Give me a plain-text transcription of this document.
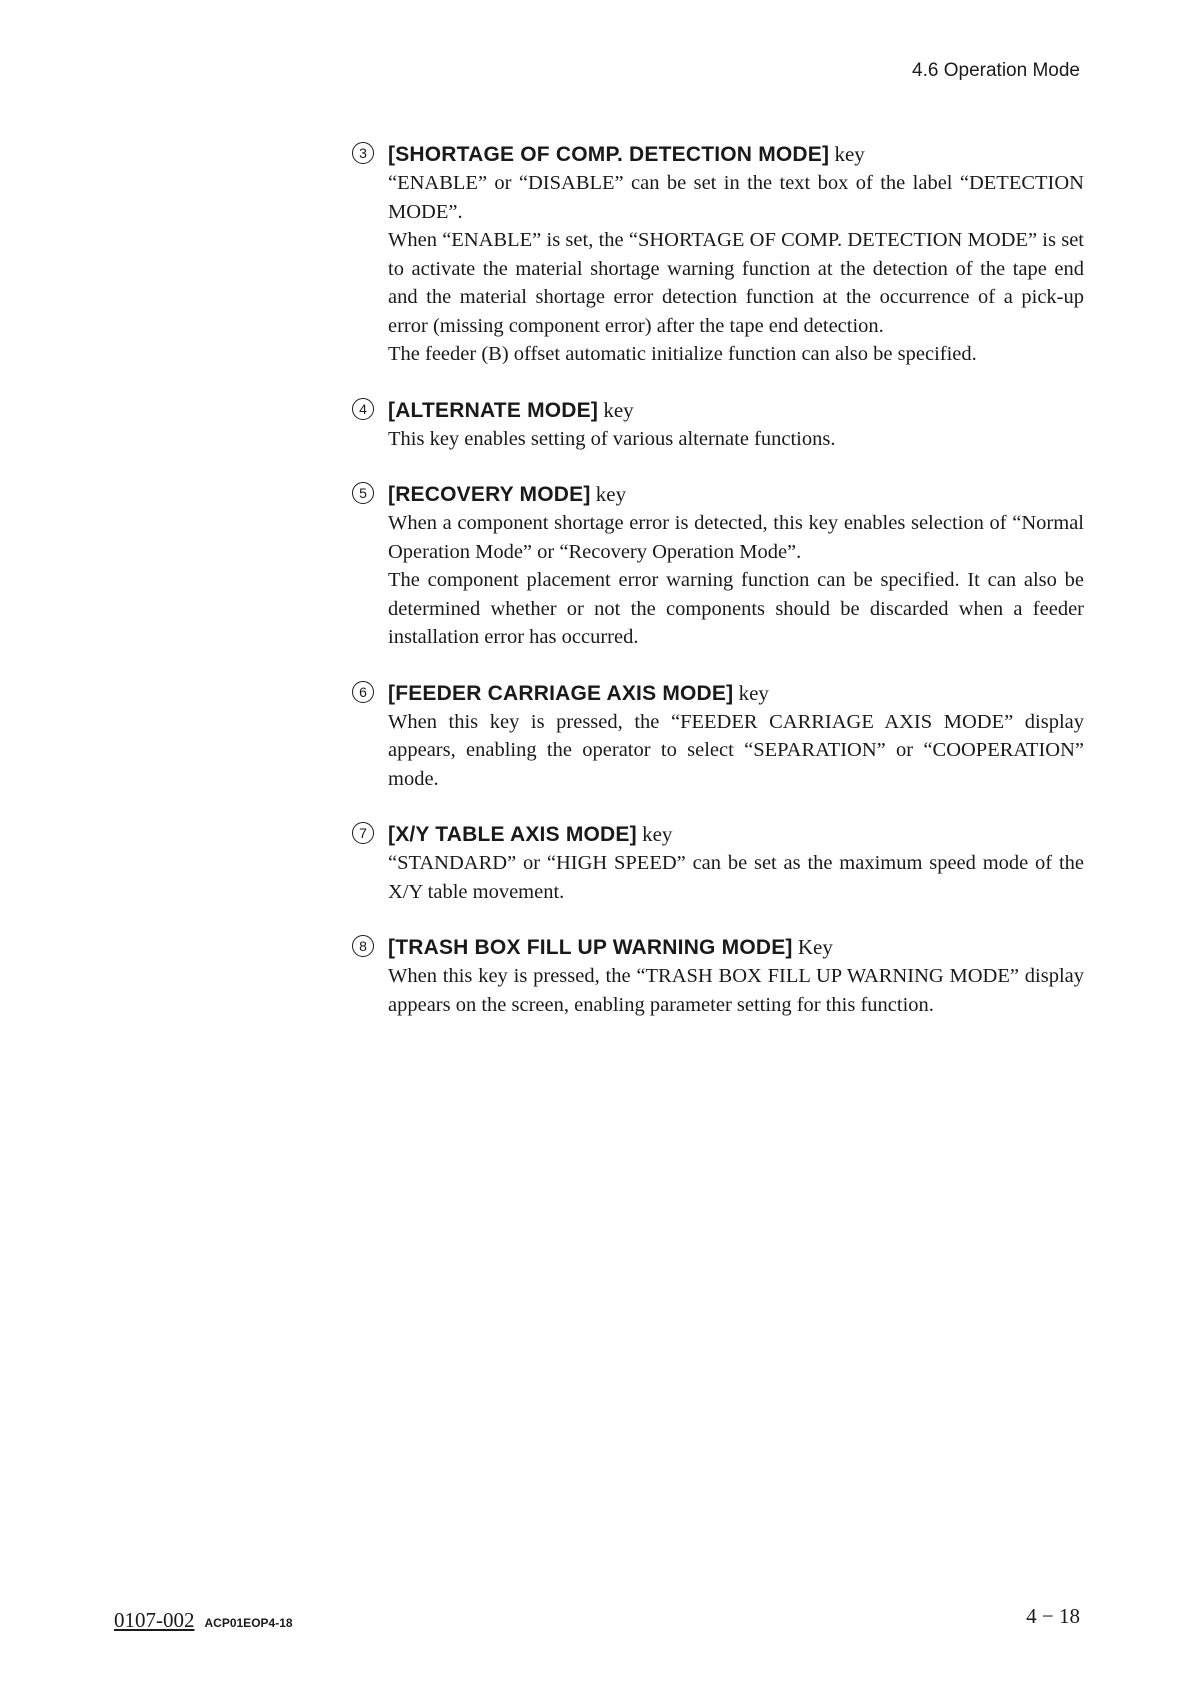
4.6 Operation Mode
3	[SHORTAGE OF COMP. DETECTION MODE] key

“ENABLE” or “DISABLE” can be set in the text box of the label “DETECTION MODE”.

When “ENABLE” is set, the “SHORTAGE OF COMP. DETECTION MODE” is set to activate the material shortage warning function at the detection of the tape end and the material shortage error detection function at the occurrence of a pick-up error (missing component error) after the tape end detection.

The feeder (B) offset automatic initialize function can also be specified.

4	[ALTERNATE MODE] key

This key enables setting of various alternate functions.

5	[RECOVERY MODE] key

When a component shortage error is detected, this key enables selection of “Normal Operation Mode” or “Recovery Operation Mode”.

The component placement error warning function can be specified. It can also be determined whether or not the components should be discarded when a feeder installation error has occurred.

6	[FEEDER CARRIAGE AXIS MODE] key

When this key is pressed, the “FEEDER CARRIAGE AXIS MODE” display appears, enabling the operator to select “SEPARATION” or “COOPERATION” mode.

7	[X/Y TABLE AXIS MODE] key

“STANDARD” or “HIGH SPEED” can be set as the maximum speed mode of the X/Y table movement.

8	[TRASH BOX FILL UP WARNING MODE] Key

When this key is pressed, the “TRASH BOX FILL UP WARNING MODE” display appears on the screen, enabling parameter setting for this function.

0107-002 ACP01EOP4-18	4 − 18
